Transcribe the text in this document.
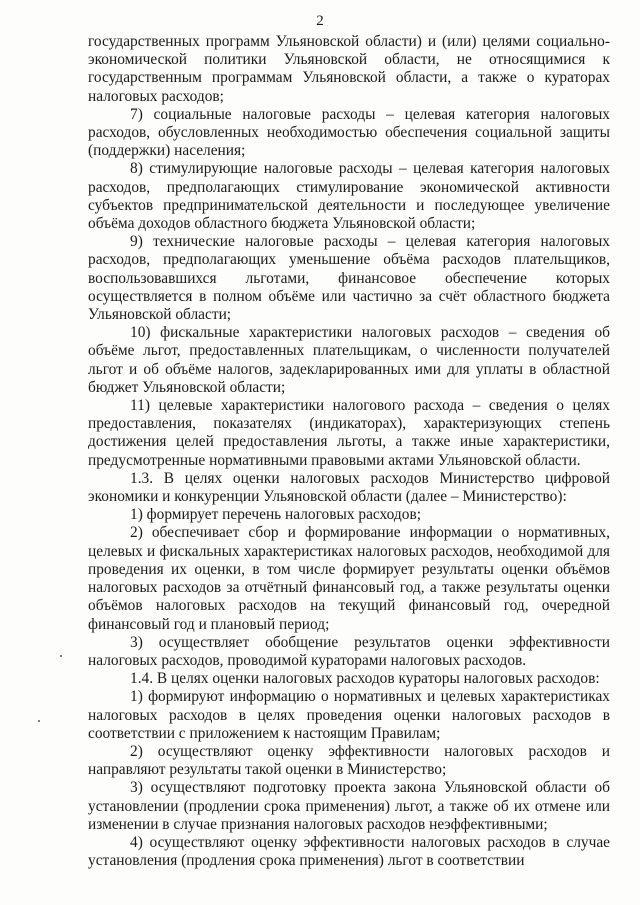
2

государственных программ Ульяновской области) и (или) целями социально-экономической политики Ульяновской области, не относящимися к государственным программам Ульяновской области, а также о кураторах налоговых расходов;

7) социальные налоговые расходы – целевая категория налоговых расходов, обусловленных необходимостью обеспечения социальной защиты (поддержки) населения;

8) стимулирующие налоговые расходы – целевая категория налоговых расходов, предполагающих стимулирование экономической активности субъектов предпринимательской деятельности и последующее увеличение объёма доходов областного бюджета Ульяновской области;

9) технические налоговые расходы – целевая категория налоговых расходов, предполагающих уменьшение объёма расходов плательщиков, воспользовавшихся льготами, финансовое обеспечение которых осуществляется в полном объёме или частично за счёт областного бюджета Ульяновской области;

10) фискальные характеристики налоговых расходов – сведения об объёме льгот, предоставленных плательщикам, о численности получателей льгот и об объёме налогов, задекларированных ими для уплаты в областной бюджет Ульяновской области;

11) целевые характеристики налогового расхода – сведения о целях предоставления, показателях (индикаторах), характеризующих степень достижения целей предоставления льготы, а также иные характеристики, предусмотренные нормативными правовыми актами Ульяновской области.

1.3. В целях оценки налоговых расходов Министерство цифровой экономики и конкуренции Ульяновской области (далее – Министерство):

1) формирует перечень налоговых расходов;

2) обеспечивает сбор и формирование информации о нормативных, целевых и фискальных характеристиках налоговых расходов, необходимой для проведения их оценки, в том числе формирует результаты оценки объёмов налоговых расходов за отчётный финансовый год, а также результаты оценки объёмов налоговых расходов на текущий финансовый год, очередной финансовый год и плановый период;

3) осуществляет обобщение результатов оценки эффективности налоговых расходов, проводимой кураторами налоговых расходов.

1.4. В целях оценки налоговых расходов кураторы налоговых расходов:

1) формируют информацию о нормативных и целевых характеристиках налоговых расходов в целях проведения оценки налоговых расходов в соответствии с приложением к настоящим Правилам;

2) осуществляют оценку эффективности налоговых расходов и направляют результаты такой оценки в Министерство;

3) осуществляют подготовку проекта закона Ульяновской области об установлении (продлении срока применения) льгот, а также об их отмене или изменении в случае признания налоговых расходов неэффективными;

4) осуществляют оценку эффективности налоговых расходов в случае установления (продления срока применения) льгот в соответствии
